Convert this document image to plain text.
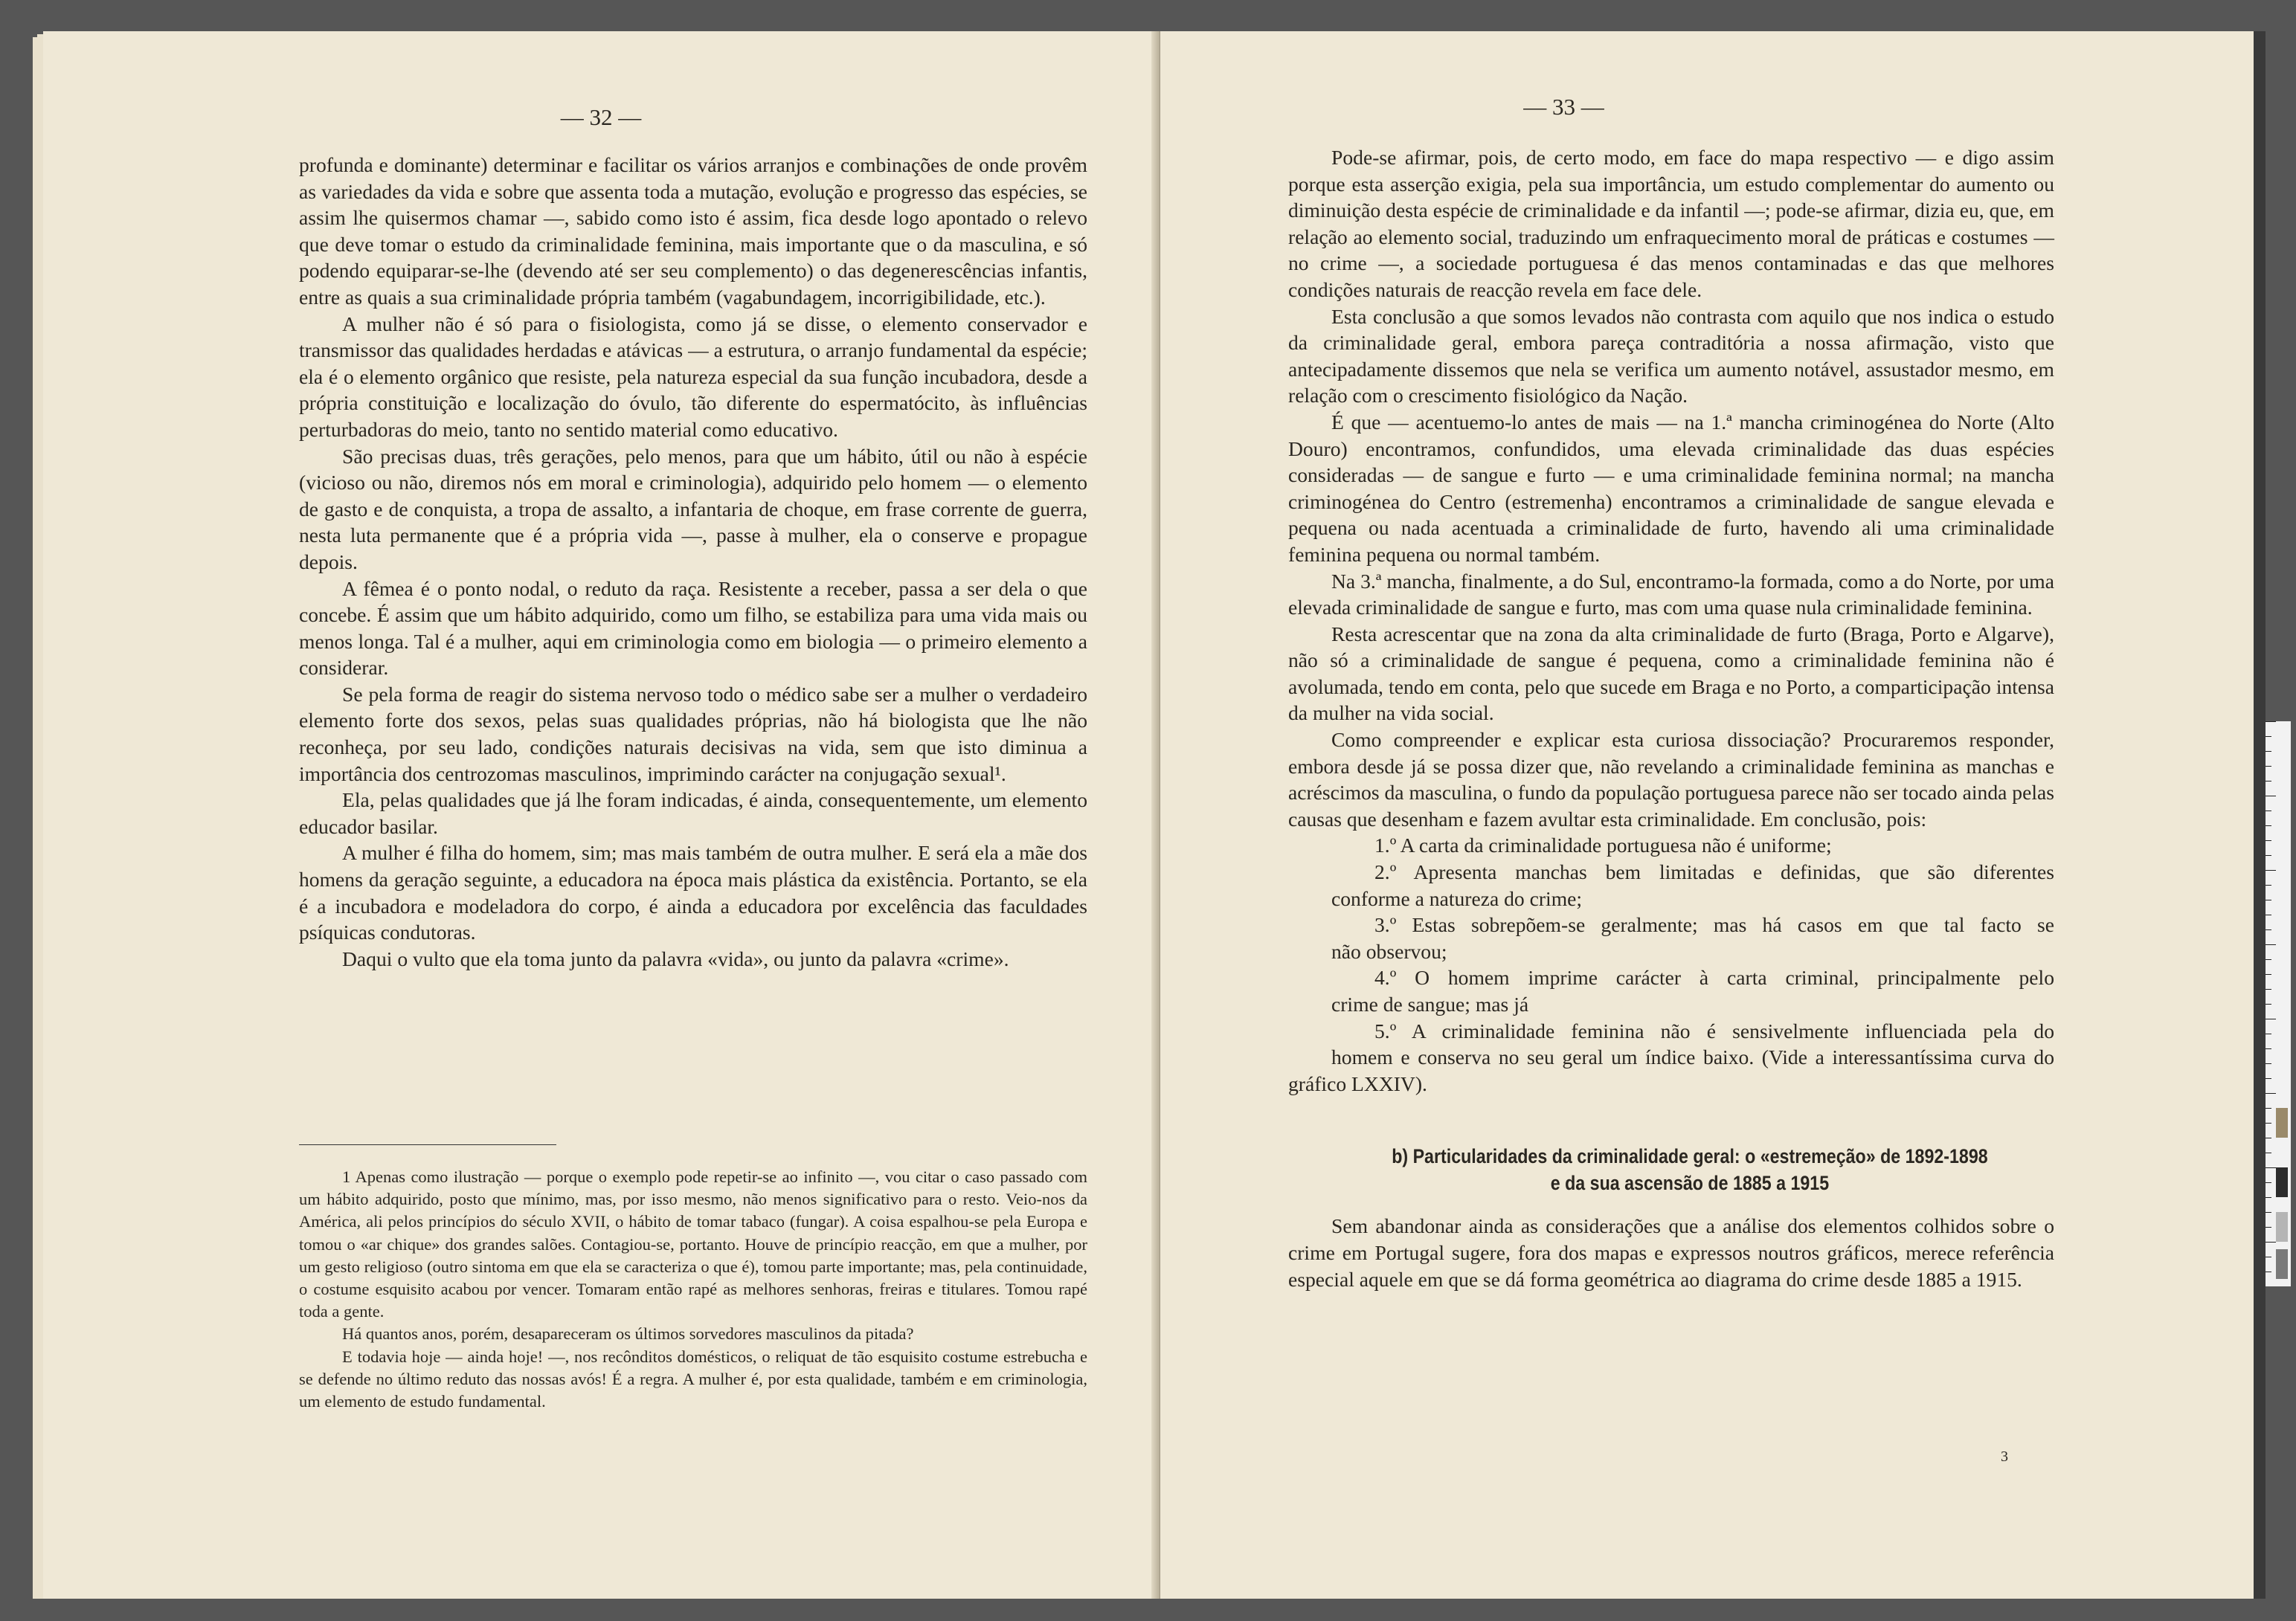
— 32 —

profunda e dominante) determinar e facilitar os vários arranjos e combinações de onde provêm as variedades da vida e sobre que assenta toda a mutação, evolução e progresso das espécies, se assim lhe quisermos chamar —, sabido como isto é assim, fica desde logo apontado o relevo que deve tomar o estudo da criminalidade feminina, mais importante que o da masculina, e só podendo equiparar-se-lhe (devendo até ser seu complemento) o das degenerescências infantis, entre as quais a sua criminalidade própria também (vagabundagem, incorrigibilidade, etc.).

A mulher não é só para o fisiologista, como já se disse, o elemento conservador e transmissor das qualidades herdadas e atávicas — a estrutura, o arranjo fundamental da espécie; ela é o elemento orgânico que resiste, pela natureza especial da sua função incubadora, desde a própria constituição e localização do óvulo, tão diferente do espermatócito, às influências perturbadoras do meio, tanto no sentido material como educativo.

São precisas duas, três gerações, pelo menos, para que um hábito, útil ou não à espécie (vicioso ou não, diremos nós em moral e criminologia), adquirido pelo homem — o elemento de gasto e de conquista, a tropa de assalto, a infantaria de choque, em frase corrente de guerra, nesta luta permanente que é a própria vida —, passe à mulher, ela o conserve e propague depois.

A fêmea é o ponto nodal, o reduto da raça. Resistente a receber, passa a ser dela o que concebe. É assim que um hábito adquirido, como um filho, se estabiliza para uma vida mais ou menos longa. Tal é a mulher, aqui em criminologia como em biologia — o primeiro elemento a considerar.

Se pela forma de reagir do sistema nervoso todo o médico sabe ser a mulher o verdadeiro elemento forte dos sexos, pelas suas qualidades próprias, não há biologista que lhe não reconheça, por seu lado, condições naturais decisivas na vida, sem que isto diminua a importância dos centrozomas masculinos, imprimindo carácter na conjugação sexual¹.

Ela, pelas qualidades que já lhe foram indicadas, é ainda, consequentemente, um elemento educador basilar.

A mulher é filha do homem, sim; mas mais também de outra mulher. E será ela a mãe dos homens da geração seguinte, a educadora na época mais plástica da existência. Portanto, se ela é a incubadora e modeladora do corpo, é ainda a educadora por excelência das faculdades psíquicas condutoras.

Daqui o vulto que ela toma junto da palavra «vida», ou junto da palavra «crime».

1 Apenas como ilustração — porque o exemplo pode repetir-se ao infinito —, vou citar o caso passado com um hábito adquirido, posto que mínimo, mas, por isso mesmo, não menos significativo para o resto. Veio-nos da América, ali pelos princípios do século XVII, o hábito de tomar tabaco (fungar). A coisa espalhou-se pela Europa e tomou o «ar chique» dos grandes salões. Contagiou-se, portanto. Houve de princípio reacção, em que a mulher, por um gesto religioso (outro sintoma em que ela se caracteriza o que é), tomou parte importante; mas, pela continuidade, o costume esquisito acabou por vencer. Tomaram então rapé as melhores senhoras, freiras e titulares. Tomou rapé toda a gente.

Há quantos anos, porém, desapareceram os últimos sorvedores masculinos da pitada?

E todavia hoje — ainda hoje! —, nos recônditos domésticos, o reliquat de tão esquisito costume estrebucha e se defende no último reduto das nossas avós! É a regra. A mulher é, por esta qualidade, também e em criminologia, um elemento de estudo fundamental.

— 33 —

Pode-se afirmar, pois, de certo modo, em face do mapa respectivo — e digo assim porque esta asserção exigia, pela sua importância, um estudo complementar do aumento ou diminuição desta espécie de criminalidade e da infantil —; pode-se afirmar, dizia eu, que, em relação ao elemento social, traduzindo um enfraquecimento moral de práticas e costumes — no crime —, a sociedade portuguesa é das menos contaminadas e das que melhores condições naturais de reacção revela em face dele.

Esta conclusão a que somos levados não contrasta com aquilo que nos indica o estudo da criminalidade geral, embora pareça contraditória a nossa afirmação, visto que antecipadamente dissemos que nela se verifica um aumento notável, assustador mesmo, em relação com o crescimento fisiológico da Nação.

É que — acentuemo-lo antes de mais — na 1.ª mancha criminogénea do Norte (Alto Douro) encontramos, confundidos, uma elevada criminalidade das duas espécies consideradas — de sangue e furto — e uma criminalidade feminina normal; na mancha criminogénea do Centro (estremenha) encontramos a criminalidade de sangue elevada e pequena ou nada acentuada a criminalidade de furto, havendo ali uma criminalidade feminina pequena ou normal também.

Na 3.ª mancha, finalmente, a do Sul, encontramo-la formada, como a do Norte, por uma elevada criminalidade de sangue e furto, mas com uma quase nula criminalidade feminina.

Resta acrescentar que na zona da alta criminalidade de furto (Braga, Porto e Algarve), não só a criminalidade de sangue é pequena, como a criminalidade feminina não é avolumada, tendo em conta, pelo que sucede em Braga e no Porto, a comparticipação intensa da mulher na vida social.

Como compreender e explicar esta curiosa dissociação? Procuraremos responder, embora desde já se possa dizer que, não revelando a criminalidade feminina as manchas e acréscimos da masculina, o fundo da população portuguesa parece não ser tocado ainda pelas causas que desenham e fazem avultar esta criminalidade. Em conclusão, pois:

1.º A carta da criminalidade portuguesa não é uniforme;

2.º Apresenta manchas bem limitadas e definidas, que são diferentes

conforme a natureza do crime;

3.º Estas sobrepõem-se geralmente; mas há casos em que tal facto se

não observou;

4.º O homem imprime carácter à carta criminal, principalmente pelo

crime de sangue; mas já

5.º A criminalidade feminina não é sensivelmente influenciada pela do

homem e conserva no seu geral um índice baixo. (Vide a interessantíssima curva do gráfico LXXIV).

b) Particularidades da criminalidade geral: o «estremeção» de 1892-1898

e da sua ascensão de 1885 a 1915

Sem abandonar ainda as considerações que a análise dos elementos colhidos sobre o crime em Portugal sugere, fora dos mapas e expressos noutros gráficos, merece referência especial aquele em que se dá forma geométrica ao diagrama do crime desde 1885 a 1915.

3
